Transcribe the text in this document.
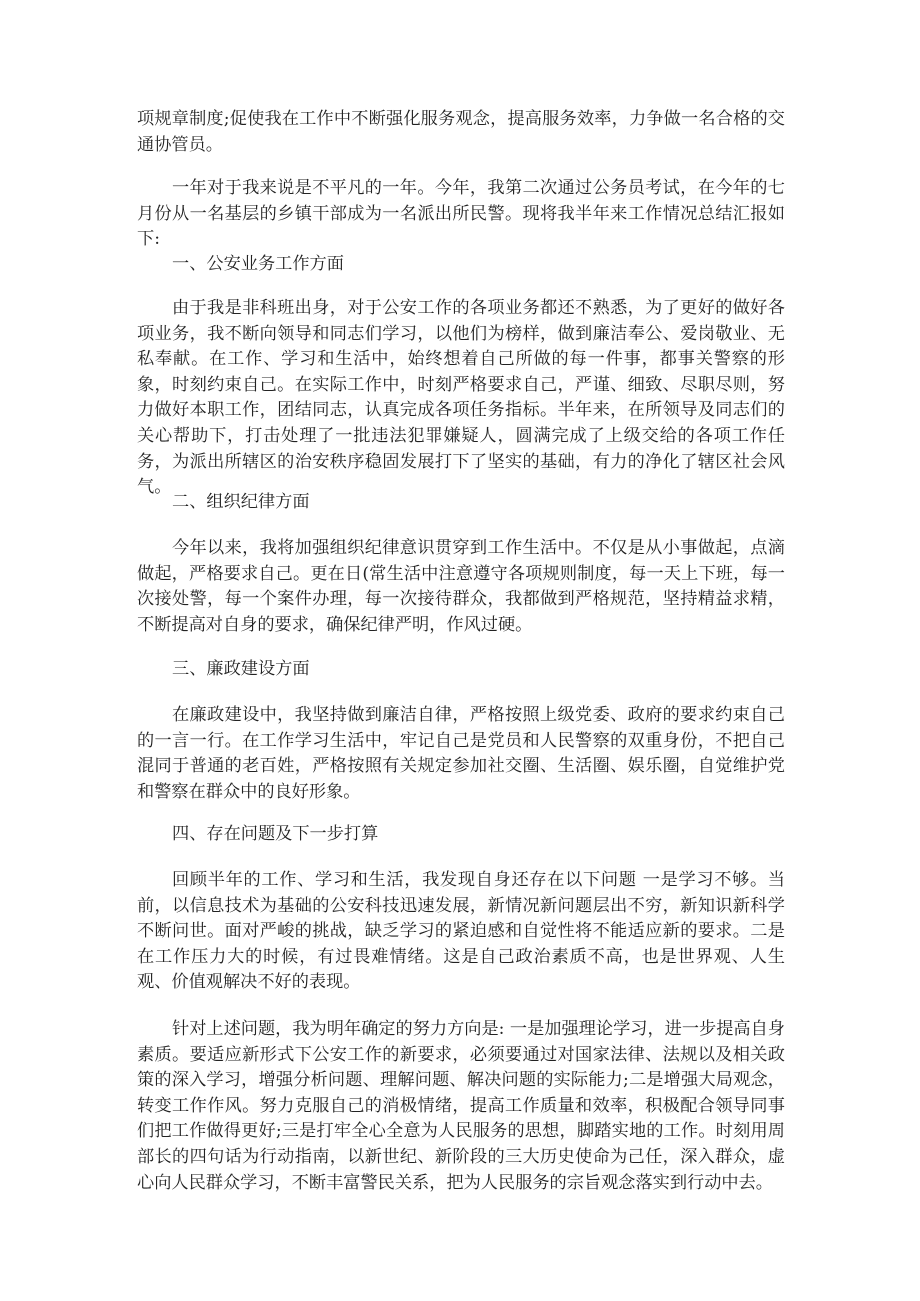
项规章制度;促使我在工作中不断强化服务观念，提高服务效率，力争做一名合格的交通协管员。

一年对于我来说是不平凡的一年。今年，我第二次通过公务员考试，在今年的七月份从一名基层的乡镇干部成为一名派出所民警。现将我半年来工作情况总结汇报如下:

一、公安业务工作方面

由于我是非科班出身，对于公安工作的各项业务都还不熟悉，为了更好的做好各项业务，我不断向领导和同志们学习，以他们为榜样，做到廉洁奉公、爱岗敬业、无私奉献。在工作、学习和生活中，始终想着自己所做的每一件事，都事关警察的形象，时刻约束自己。在实际工作中，时刻严格要求自己，严谨、细致、尽职尽则，努力做好本职工作，团结同志，认真完成各项任务指标。半年来，在所领导及同志们的关心帮助下，打击处理了一批违法犯罪嫌疑人，圆满完成了上级交给的各项工作任务，为派出所辖区的治安秩序稳固发展打下了坚实的基础，有力的净化了辖区社会风气。

二、组织纪律方面

今年以来，我将加强组织纪律意识贯穿到工作生活中。不仅是从小事做起，点滴做起，严格要求自己。更在日(常生活中注意遵守各项规则制度，每一天上下班，每一次接处警，每一个案件办理，每一次接待群众，我都做到严格规范，坚持精益求精，不断提高对自身的要求，确保纪律严明，作风过硬。

三、廉政建设方面

在廉政建设中，我坚持做到廉洁自律，严格按照上级党委、政府的要求约束自己的一言一行。在工作学习生活中，牢记自己是党员和人民警察的双重身份，不把自己混同于普通的老百姓，严格按照有关规定参加社交圈、生活圈、娱乐圈，自觉维护党和警察在群众中的良好形象。

四、存在问题及下一步打算

回顾半年的工作、学习和生活，我发现自身还存在以下问题 一是学习不够。当前，以信息技术为基础的公安科技迅速发展，新情况新问题层出不穷，新知识新科学不断问世。面对严峻的挑战，缺乏学习的紧迫感和自觉性将不能适应新的要求。二是在工作压力大的时候，有过畏难情绪。这是自己政治素质不高，也是世界观、人生观、价值观解决不好的表现。

针对上述问题，我为明年确定的努力方向是: 一是加强理论学习，进一步提高自身素质。要适应新形式下公安工作的新要求，必须要通过对国家法律、法规以及相关政策的深入学习，增强分析问题、理解问题、解决问题的实际能力;二是增强大局观念，转变工作作风。努力克服自己的消极情绪，提高工作质量和效率，积极配合领导同事们把工作做得更好;三是打牢全心全意为人民服务的思想，脚踏实地的工作。时刻用周部长的四句话为行动指南，以新世纪、新阶段的三大历史使命为己任，深入群众，虚心向人民群众学习，不断丰富警民关系，把为人民服务的宗旨观念落实到行动中去。
